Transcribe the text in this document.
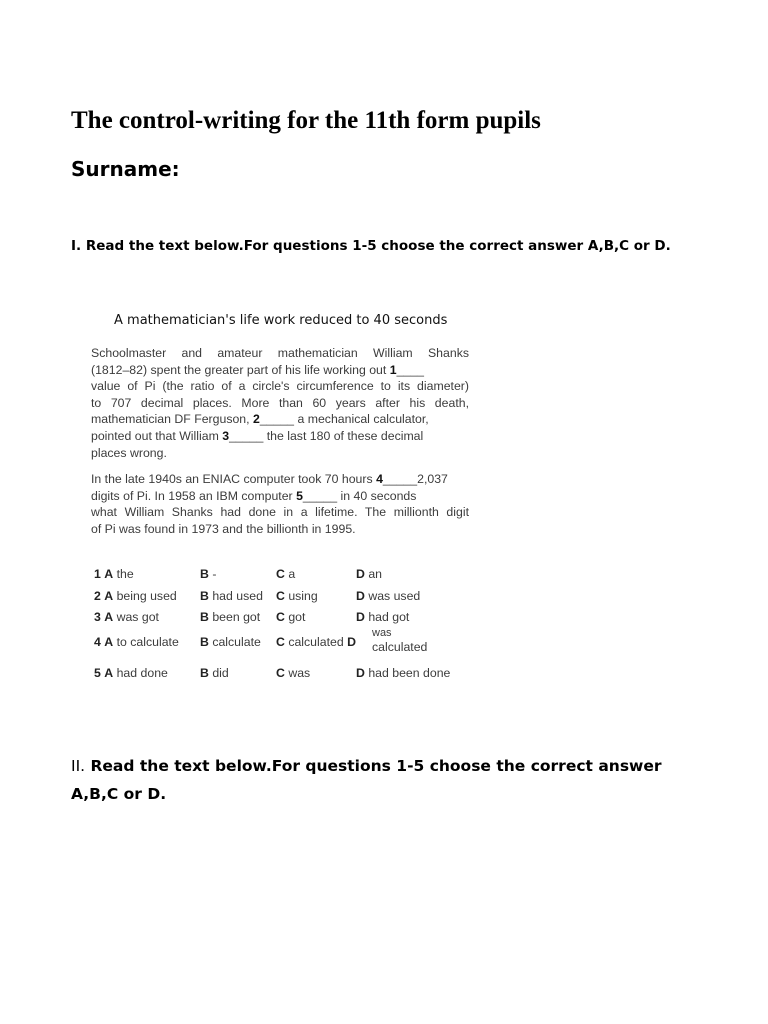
The control-writing for the 11th form pupils
Surname:
I. Read the text below.For questions 1-5 choose the correct answer A,B,C or D.
A mathematician's life work reduced to 40 seconds
Schoolmaster and amateur mathematician William Shanks
(1812–82) spent the greater part of his life working out 1____
value of Pi (the ratio of a circle's circumference to its diameter)
to 707 decimal places. More than 60 years after his death,
mathematician DF Ferguson, 2_____ a mechanical calculator,
pointed out that William 3_____ the last 180 of these decimal
places wrong.
In the late 1940s an ENIAC computer took 70 hours 4_____2,037
digits of Pi. In 1958 an IBM computer 5_____ in 40 seconds
what William Shanks had done in a lifetime. The millionth digit
of Pi was found in 1973 and the billionth in 1995.
1 A the	B -	C a	D an
2 A being used B had used C using	D was used
3 A was got	B been got C got	D had got
4 A to calculate B calculate C calculated D
was
calculated
5 A had done	B did	C was	D had been done
II. Read the text below.For questions 1-5 choose the correct answer A,B,C or D.
